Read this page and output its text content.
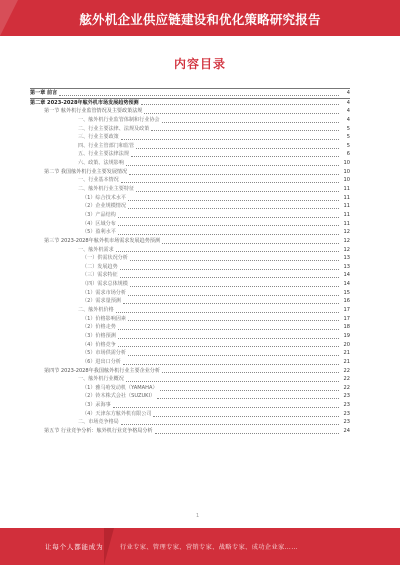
舷外机企业供应链建设和优化策略研究报告
内容目录
第一章 前言	4
第二章 2023-2028年舷外机市场发展趋势预测	4
第一节 舷外机行业监管情况及主要政策法规	4
一、舷外机行业监管体制和行业协会	4
二、行业主要法律、法规及政策	5
三、行业主要政策	5
四、行业主管部门和监管	5
五、行业主要法律法规	6
六、政策、法规影响	10
第二节 我国舷外机行业主要发展情况	10
一、行业基本情况	10
二、舷外机行业主要特征	11
（1）综合技术水平	11
（2）企业规模情况	11
（3）产品结构	11
（4）区域分布	11
（5）盈利水平	12
第三节 2023-2028年舷外机市场需求发展趋势预测	12
一、舷外机需求	12
（一）供需状况分析	13
（二）发展趋势	13
（三）需求特征	14
（四）需求总体规模	14
（1）需求市场分析	15
（2）需求量预测	16
二、舷外机价格	17
（1）价格影响因素	17
（2）价格走势	18
（3）价格预测	19
（4）价格竞争	20
（5）市场供需分析	21
（6）进出口分析	21
第四节 2023-2028年我国舷外机行业主要企业分析	22
一、舷外机行业概况	22
（1）雅马哈发动机（YAMAHA）	22
（2）铃木株式会社（SUZUKI）	23
（3）汞海事	23
（4）天津东方舷外机有限公司	23
二、市场竞争格局	23
第五节 行业竞争分析：舷外机行业竞争格局分析	24
1
让每个人都能成为	行业专家、管理专家、营销专家、战略专家、成功企业家……
